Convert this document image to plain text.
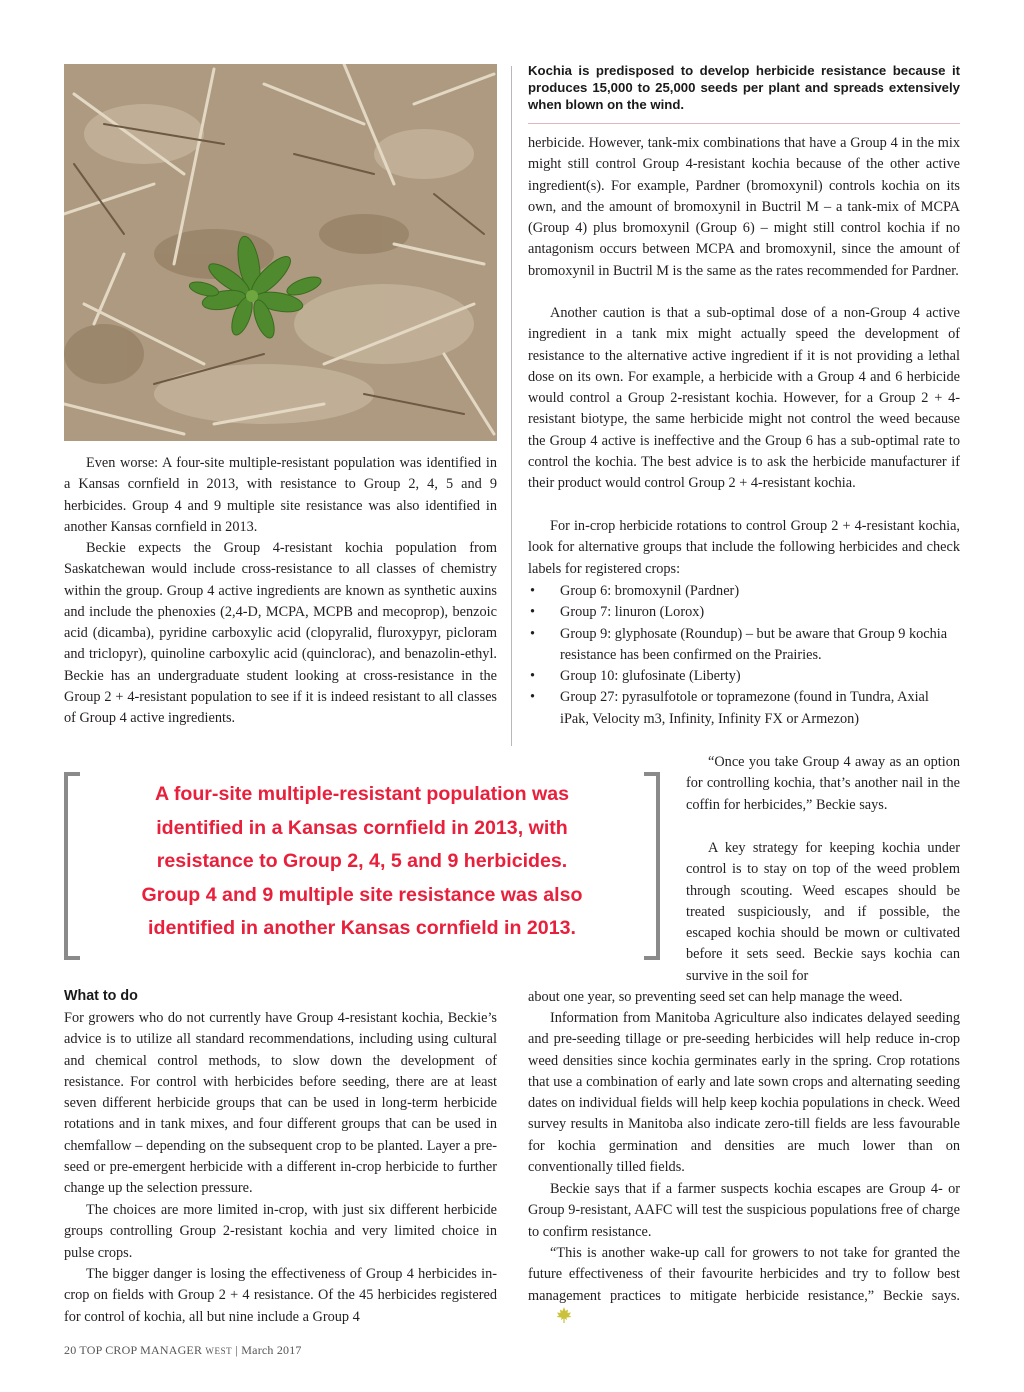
Kochia is predisposed to develop herbicide resistance because it produces 15,000 to 25,000 seeds per plant and spreads extensively when blown on the wind.

Even worse: A four-site multiple-resistant population was identified in a Kansas cornfield in 2013, with resistance to Group 2, 4, 5 and 9 herbicides. Group 4 and 9 multiple site resistance was also identified in another Kansas cornfield in 2013.

Beckie expects the Group 4-resistant kochia population from Saskatchewan would include cross-resistance to all classes of chemistry within the group. Group 4 active ingredients are known as synthetic auxins and include the phenoxies (2,4-D, MCPA, MCPB and mecoprop), benzoic acid (dicamba), pyridine carboxylic acid (clopyralid, fluroxypyr, picloram and triclopyr), quinoline carboxylic acid (quinclorac), and benazolin-ethyl. Beckie has an undergraduate student looking at cross-resistance in the Group 2 + 4-resistant population to see if it is indeed resistant to all classes of Group 4 active ingredients.

What to do

For growers who do not currently have Group 4-resistant kochia, Beckie’s advice is to utilize all standard recommendations, including using cultural and chemical control methods, to slow down the development of resistance. For control with herbicides before seeding, there are at least seven different herbicide groups that can be used in long-term herbicide rotations and in tank mixes, and four different groups that can be used in chemfallow – depending on the subsequent crop to be planted. Layer a pre-seed or pre-emergent herbicide with a different in-crop herbicide to further change up the selection pressure.

The choices are more limited in-crop, with just six different herbicide groups controlling Group 2-resistant kochia and very limited choice in pulse crops.

The bigger danger is losing the effectiveness of Group 4 herbicides in-crop on fields with Group 2 + 4 resistance. Of the 45 herbicides registered for control of kochia, all but nine include a Group 4

herbicide. However, tank-mix combinations that have a Group 4 in the mix might still control Group 4-resistant kochia because of the other active ingredient(s). For example, Pardner (bromoxynil) controls kochia on its own, and the amount of bromoxynil in Buctril M – a tank-mix of MCPA (Group 4) plus bromoxynil (Group 6) – might still control kochia if no antagonism occurs between MCPA and bromoxynil, since the amount of bromoxynil in Buctril M is the same as the rates recommended for Pardner.

Another caution is that a sub-optimal dose of a non-Group 4 active ingredient in a tank mix might actually speed the development of resistance to the alternative active ingredient if it is not providing a lethal dose on its own. For example, a herbicide with a Group 4 and 6 herbicide would control a Group 2-resistant kochia. However, for a Group 2 + 4-resistant biotype, the same herbicide might not control the weed because the Group 4 active is ineffective and the Group 6 has a sub-optimal rate to control the kochia. The best advice is to ask the herbicide manufacturer if their product would control Group 2 + 4-resistant kochia.

For in-crop herbicide rotations to control Group 2 + 4-resistant kochia, look for alternative groups that include the following herbicides and check labels for registered crops:

• Group 6: bromoxynil (Pardner)
• Group 7: linuron (Lorox)
• Group 9: glyphosate (Roundup) – but be aware that Group 9 kochia resistance has been confirmed on the Prairies.
• Group 10: glufosinate (Liberty)
• Group 27: pyrasulfotole or topramezone (found in Tundra, Axial iPak, Velocity m3, Infinity, Infinity FX or Armezon)

“Once you take Group 4 away as an option for controlling kochia, that’s another nail in the coffin for herbicides,” Beckie says.

A key strategy for keeping kochia under control is to stay on top of the weed problem through scouting. Weed escapes should be treated suspiciously, and if possible, the escaped kochia should be mown or cultivated before it sets seed. Beckie says kochia can survive in the soil for

about one year, so preventing seed set can help manage the weed.

Information from Manitoba Agriculture also indicates delayed seeding and pre-seeding tillage or pre-seeding herbicides will help reduce in-crop weed densities since kochia germinates early in the spring. Crop rotations that use a combination of early and late sown crops and alternating seeding dates on individual fields will help keep kochia populations in check. Weed survey results in Manitoba also indicate zero-till fields are less favourable for kochia germination and densities are much lower than on conventionally tilled fields.

Beckie says that if a farmer suspects kochia escapes are Group 4- or Group 9-resistant, AAFC will test the suspicious populations free of charge to confirm resistance.

“This is another wake-up call for growers to not take for granted the future effectiveness of their favourite herbicides and try to follow best management practices to mitigate herbicide resistance,” Beckie says.

A four-site multiple-resistant population was
identified in a Kansas cornfield in 2013, with
resistance to Group 2, 4, 5 and 9 herbicides.
Group 4 and 9 multiple site resistance was also
identified in another Kansas cornfield in 2013.
20 TOP CROP MANAGER WEST | March 2017
